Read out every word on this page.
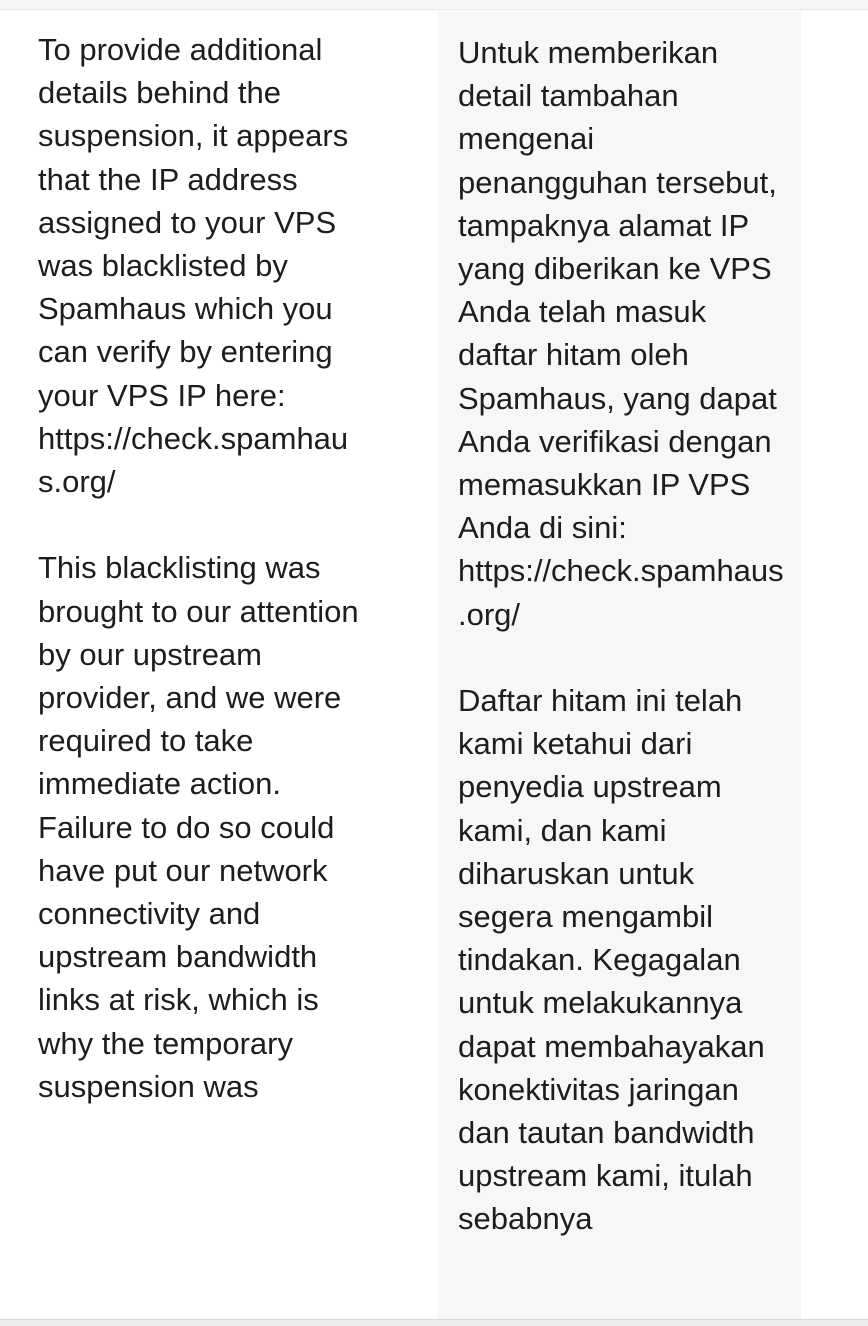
To provide additional details behind the suspension, it appears that the IP address assigned to your VPS was blacklisted by Spamhaus which you can verify by entering your VPS IP here: https://check.spamhaus.org/

This blacklisting was brought to our attention by our upstream provider, and we were required to take immediate action. Failure to do so could have put our network connectivity and upstream bandwidth links at risk, which is why the temporary suspension was

Untuk memberikan detail tambahan mengenai penangguhan tersebut, tampaknya alamat IP yang diberikan ke VPS Anda telah masuk daftar hitam oleh Spamhaus, yang dapat Anda verifikasi dengan memasukkan IP VPS Anda di sini: https://check.spamhaus.org/

Daftar hitam ini telah kami ketahui dari penyedia upstream kami, dan kami diharuskan untuk segera mengambil tindakan. Kegagalan untuk melakukannya dapat membahayakan konektivitas jaringan dan tautan bandwidth upstream kami, itulah sebabnya
